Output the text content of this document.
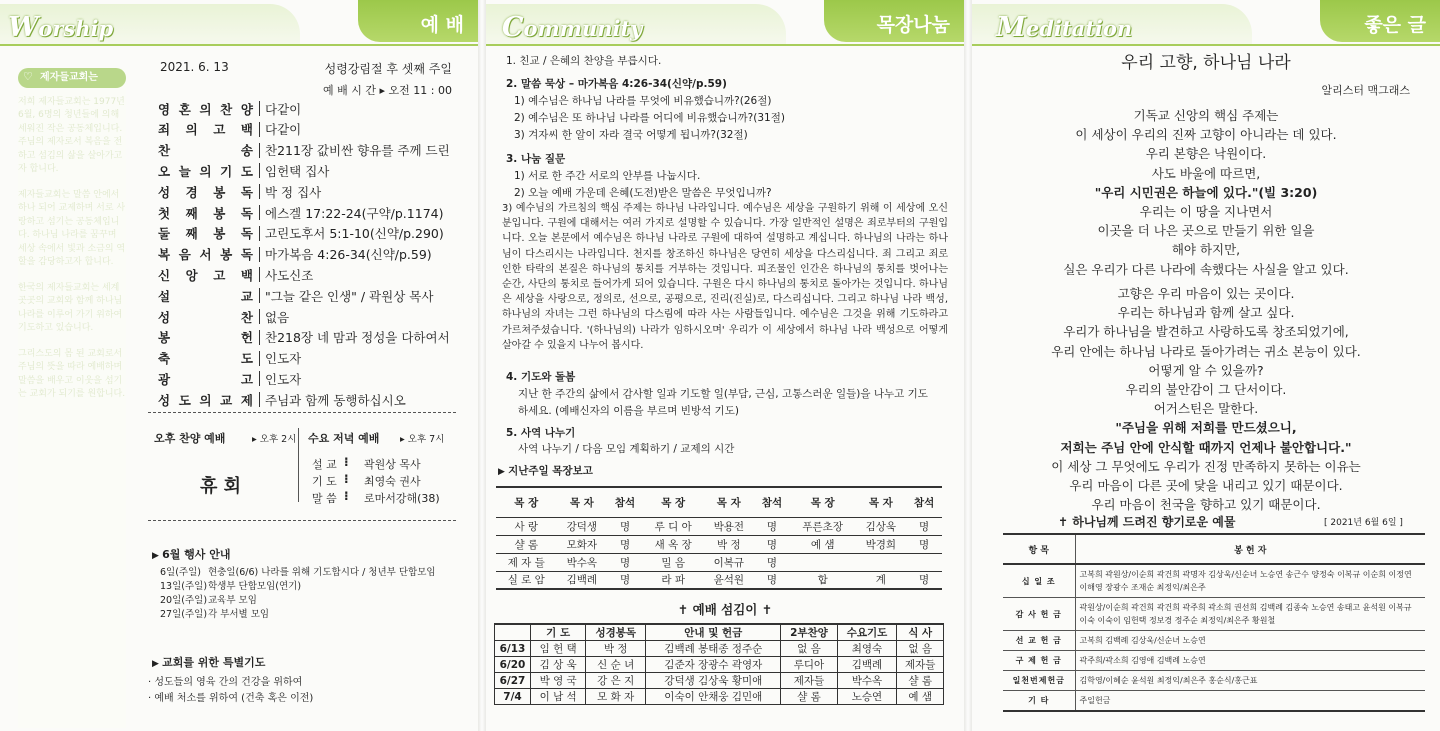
Worship	예 배
♡ 제자들교회는
저희 제자들교회는 1977년 6월, 6명의 청년들에 의해 세워진 작은 공동체입니다. 주님의 제자로서 복음을 전하고 섬김의 삶을 살아가고자 합니다.
제자들교회는 말씀 안에서 하나 되어 교제하며 서로 사랑하고 섬기는 공동체입니다. 하나님 나라를 꿈꾸며 세상 속에서 빛과 소금의 역할을 감당하고자 합니다.
한국의 제자들교회는 세계 곳곳의 교회와 함께 하나님 나라를 이루어 가기 위하여 기도하고 있습니다.
그리스도의 몸 된 교회로서 주님의 뜻을 따라 예배하며 말씀을 배우고 이웃을 섬기는 교회가 되기를 원합니다.
2021. 6. 13	성령강림절 후 셋째 주일
예 배 시 간 ▸ 오전 11 : 00
영 혼 의 찬 양 다같이
죄 의 고 백 다같이
찬	송 찬211장 값비싼 향유를 주께 드린
오 늘 의 기 도 임헌택 집사
성 경 봉 독 박 정 집사
첫 째 봉 독 에스겔 17:22-24(구약/p.1174)
둘 째 봉 독 고린도후서 5:1-10(신약/p.290)
복 음 서 봉 독 마가복음 4:26-34(신약/p.59)
신 앙 고 백 사도신조
설	교 "그늘 같은 인생" / 곽원상 목사
성	찬 없음
봉	헌 찬218장 네 맘과 정성을 다하여서
축	도 인도자
광	고 인도자
성 도 의 교 제 주님과 함께 동행하십시오
오후 찬양 예배	▸ 오후 2시
휴 회
수요 저녁 예배 ▸ 오후 7시
설 교 ⁝ 곽원상 목사
기 도 ⁝ 최영숙 권사
말 씀 ⁝ 로마서강해(38)
▶ 6월 행사 안내
6일(주일) 현충일(6/6) 나라를 위해 기도합시다 / 청년부 단합모임
13일(주일) 학생부 단합모임(연기)
20일(주일) 교육부 모임
27일(주일) 각 부서별 모임
▶ 교회를 위한 특별기도
· 성도들의 영육 간의 건강을 위하여
· 예배 처소를 위하여 (건축 혹은 이전)
Community	목장나눔
1. 친교 / 은혜의 찬양을 부릅시다.
2. 말씀 묵상 – 마가복음 4:26-34(신약/p.59)
1) 예수님은 하나님 나라를 무엇에 비유했습니까?(26절)
2) 예수님은 또 하나님 나라를 어디에 비유했습니까?(31절)
3) 겨자씨 한 알이 자라 결국 어떻게 됩니까?(32절)
3. 나눔 질문
1) 서로 한 주간 서로의 안부를 나눕시다.
2) 오늘 예배 가운데 은혜(도전)받은 말씀은 무엇입니까?
3) 예수님의 가르침의 핵심 주제는 하나님 나라입니다. 예수님은 세상을 구원하기 위해 이 세상에 오신 분입니다. 구원에 대해서는 여러 가지로 설명할 수 있습니다. 가장 일반적인 설명은 죄로부터의 구원입니다. 오늘 본문에서 예수님은 하나님 나라로 구원에 대하여 설명하고 계십니다. 하나님의 나라는 하나님이 다스리시는 나라입니다. 천지를 창조하신 하나님은 당연히 세상을 다스리십니다. 죄 그리고 죄로 인한 타락의 본질은 하나님의 통치를 거부하는 것입니다. 피조물인 인간은 하나님의 통치를 벗어나는 순간, 사단의 통치로 들어가게 되어 있습니다. 구원은 다시 하나님의 통치로 돌아가는 것입니다. 하나님은 세상을 사랑으로, 정의로, 선으로, 공평으로, 진리(진실)로, 다스리십니다. 그리고 하나님 나라 백성, 하나님의 자녀는 그런 하나님의 다스림에 따라 사는 사람들입니다. 예수님은 그것을 위해 기도하라고 가르쳐주셨습니다. '(하나님의) 나라가 임하시오며' 우리가 이 세상에서 하나님 나라 백성으로 어떻게 살아갈 수 있을지 나누어 봅시다.
4. 기도와 돌봄
지난 한 주간의 삶에서 감사할 일과 기도할 일(부담, 근심, 고통스러운 일들)을 나누고 기도하세요. (예배신자의 이름을 부르며 빈방석 기도)
5. 사역 나누기
사역 나누기 / 다음 모임 계획하기 / 교제의 시간
▶ 지난주일 목장보고
목 장	목 자	참석	목 장	목 자	참석	목 장	목 자	참석
사 랑	강덕생	명	루 디 아	박용전	명	푸른초장	김상욱	명
샬 롬	모화자	명	새 옥 장	박 정	명	예 샘	박경희	명
제 자 들	박수옥	명	밀 음	이복규	명			
실 로 암	김백례	명	라 파	윤석원	명	합	계	명
✝ 예배 섬김이 ✝
	기 도	성경봉독	안내 및 헌금	2부찬양	수요기도	식 사
6/13	임 헌 택	박 정	김백례 봉태종 정주순	없 음	최영숙	없 음
6/20	김 상 욱	신 순 녀	김준자 장광수 곽영자	루디아	김백례	제자들
6/27	박 영 국	강 은 지	강덕생 김상욱 황미애	제자들	박수옥	샬 롬
7/4	이 남 석	모 화 자	이숙이 안채웅 김민애	샬 롬	노승연	예 샘
Meditation	좋은 글
우리 고향, 하나님 나라
알리스터 맥그래스
기독교 신앙의 핵심 주제는
이 세상이 우리의 진짜 고향이 아니라는 데 있다.
우리 본향은 낙원이다.
사도 바울에 따르면,
"우리 시민권은 하늘에 있다."(빌 3:20)
우리는 이 땅을 지나면서
이곳을 더 나은 곳으로 만들기 위한 일을
해야 하지만,
실은 우리가 다른 나라에 속했다는 사실을 알고 있다.
고향은 우리 마음이 있는 곳이다.
우리는 하나님과 함께 살고 싶다.
우리가 하나님을 발견하고 사랑하도록 창조되었기에,
우리 안에는 하나님 나라로 돌아가려는 귀소 본능이 있다.
어떻게 알 수 있을까?
우리의 불안감이 그 단서이다.
어거스틴은 말한다.
"주님을 위해 저희를 만드셨으니,
저희는 주님 안에 안식할 때까지 언제나 불안합니다."
이 세상 그 무엇에도 우리가 진정 만족하지 못하는 이유는
우리 마음이 다른 곳에 닻을 내리고 있기 때문이다.
우리 마음이 천국을 향하고 있기 때문이다.
✝ 하나님께 드려진 향기로운 예물	[ 2021년 6월 6일 ]
항 목	봉 헌 자
십 일 조	고복희 곽원상/이순희 곽건희 곽명자 김상욱/신순녀 노승연 송근수 양정숙 이복규 이순희 이정연 이해영 장광수 조재순 최정익/최은주
감 사 헌 금	곽원상/이순희 곽건희 곽건희 곽주희 곽소희 권선희 김백례 김종숙 노승연 송태고 윤석원 이복규 이숙 이숙이 임헌택 정보경 정주순 최정익/최은주 황원철
선 교 헌 금	고복희 김백례 김상욱/신순녀 노승연
구 제 헌 금	곽주희/곽소희 김영애 김백례 노승연
일천번제헌금	김학영/이혜순 윤석원 최정익/최은주 홍순식/홍근표
기 타	주일헌금
